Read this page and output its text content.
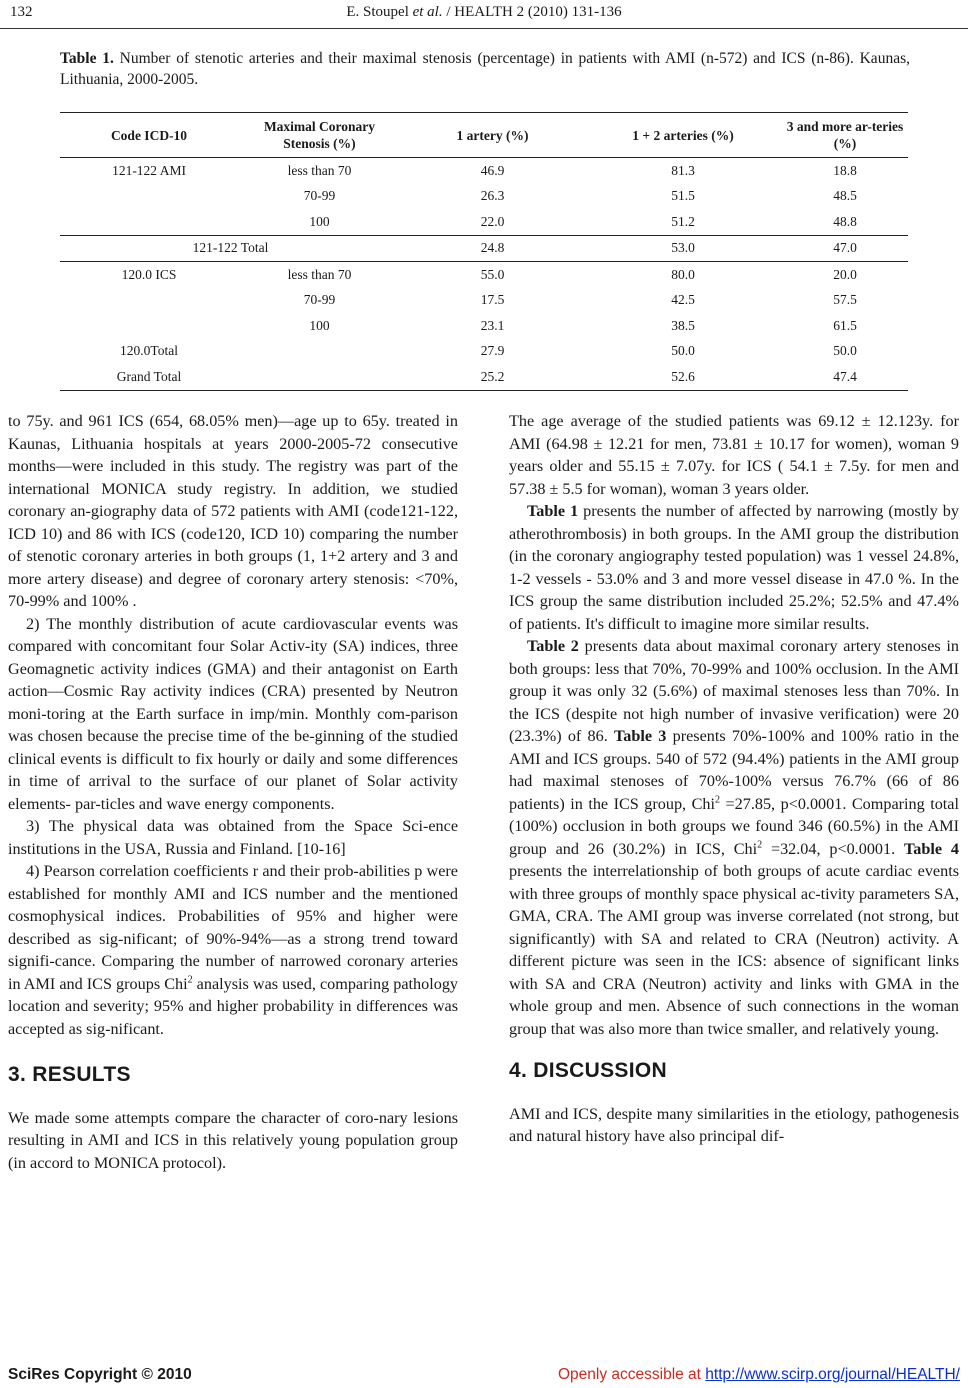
132	E. Stoupel et al. / HEALTH 2 (2010) 131-136
Table 1. Number of stenotic arteries and their maximal stenosis (percentage) in patients with AMI (n-572) and ICS (n-86). Kaunas, Lithuania, 2000-2005.
Code ICD-10	Maximal Coronary Stenosis (%)	1 artery (%)	1 + 2 arteries (%)	3 and more ar-teries (%)
121-122 AMI	less than 70	46.9	81.3	18.8
	70-99	26.3	51.5	48.5
	100	22.0	51.2	48.8
121-122 Total		24.8	53.0	47.0
120.0 ICS	less than 70	55.0	80.0	20.0
	70-99	17.5	42.5	57.5
	100	23.1	38.5	61.5
120.0Total		27.9	50.0	50.0
Grand Total		25.2	52.6	47.4

to 75y. and 961 ICS (654, 68.05% men)—age up to 65y. treated in Kaunas, Lithuania hospitals at years 2000-2005-72 consecutive months—were included in this study. The registry was part of the international MONICA study registry. In addition, we studied coronary an-giography data of 572 patients with AMI (code121-122, ICD 10) and 86 with ICS (code120, ICD 10) comparing the number of stenotic coronary arteries in both groups (1, 1+2 artery and 3 and more artery disease) and degree of coronary artery stenosis: <70%, 70-99% and 100% .

2) The monthly distribution of acute cardiovascular events was compared with concomitant four Solar Activ-ity (SA) indices, three Geomagnetic activity indices (GMA) and their antagonist on Earth action—Cosmic Ray activity indices (CRA) presented by Neutron moni-toring at the Earth surface in imp/min. Monthly com-parison was chosen because the precise time of the be-ginning of the studied clinical events is difficult to fix hourly or daily and some differences in time of arrival to the surface of our planet of Solar activity elements- par-ticles and wave energy components.

3) The physical data was obtained from the Space Sci-ence institutions in the USA, Russia and Finland. [10-16]

4) Pearson correlation coefficients r and their prob-abilities p were established for monthly AMI and ICS number and the mentioned cosmophysical indices. Probabilities of 95% and higher were described as sig-nificant; of 90%-94%—as a strong trend toward signifi-cance. Comparing the number of narrowed coronary arteries in AMI and ICS groups Chi$^2$ analysis was used, comparing pathology location and severity; 95% and higher probability in differences was accepted as sig-nificant.

3. RESULTS

We made some attempts compare the character of coro-nary lesions resulting in AMI and ICS in this relatively young population group (in accord to MONICA protocol).

The age average of the studied patients was 69.12 ± 12.123y. for AMI (64.98 ± 12.21 for men, 73.81 ± 10.17 for women), woman 9 years older and 55.15 ± 7.07y. for ICS ( 54.1 ± 7.5y. for men and 57.38 ± 5.5 for woman), woman 3 years older.

Table 1 presents the number of affected by narrowing (mostly by atherothrombosis) in both groups. In the AMI group the distribution (in the coronary angiography tested population) was 1 vessel 24.8%, 1-2 vessels - 53.0% and 3 and more vessel disease in 47.0 %. In the ICS group the same distribution included 25.2%; 52.5% and 47.4% of patients. It's difficult to imagine more similar results.

Table 2 presents data about maximal coronary artery stenoses in both groups: less that 70%, 70-99% and 100% occlusion. In the AMI group it was only 32 (5.6%) of maximal stenoses less than 70%. In the ICS (despite not high number of invasive verification) were 20 (23.3%) of 86. Table 3 presents 70%-100% and 100% ratio in the AMI and ICS groups. 540 of 572 (94.4%) patients in the AMI group had maximal stenoses of 70%-100% versus 76.7% (66 of 86 patients) in the ICS group, Chi$^2$ =27.85, p<0.0001. Comparing total (100%) occlusion in both groups we found 346 (60.5%) in the AMI group and 26 (30.2%) in ICS, Chi$^2$ =32.04, p<0.0001. Table 4 presents the interrelationship of both groups of acute cardiac events with three groups of monthly space physical ac-tivity parameters SA, GMA, CRA. The AMI group was inverse correlated (not strong, but significantly) with SA and related to CRA (Neutron) activity. A different picture was seen in the ICS: absence of significant links with SA and CRA (Neutron) activity and links with GMA in the whole group and men. Absence of such connections in the woman group that was also more than twice smaller, and relatively young.

4. DISCUSSION

AMI and ICS, despite many similarities in the etiology, pathogenesis and natural history have also principal dif-

SciRes Copyright © 2010	Openly accessible at http://www.scirp.org/journal/HEALTH/
